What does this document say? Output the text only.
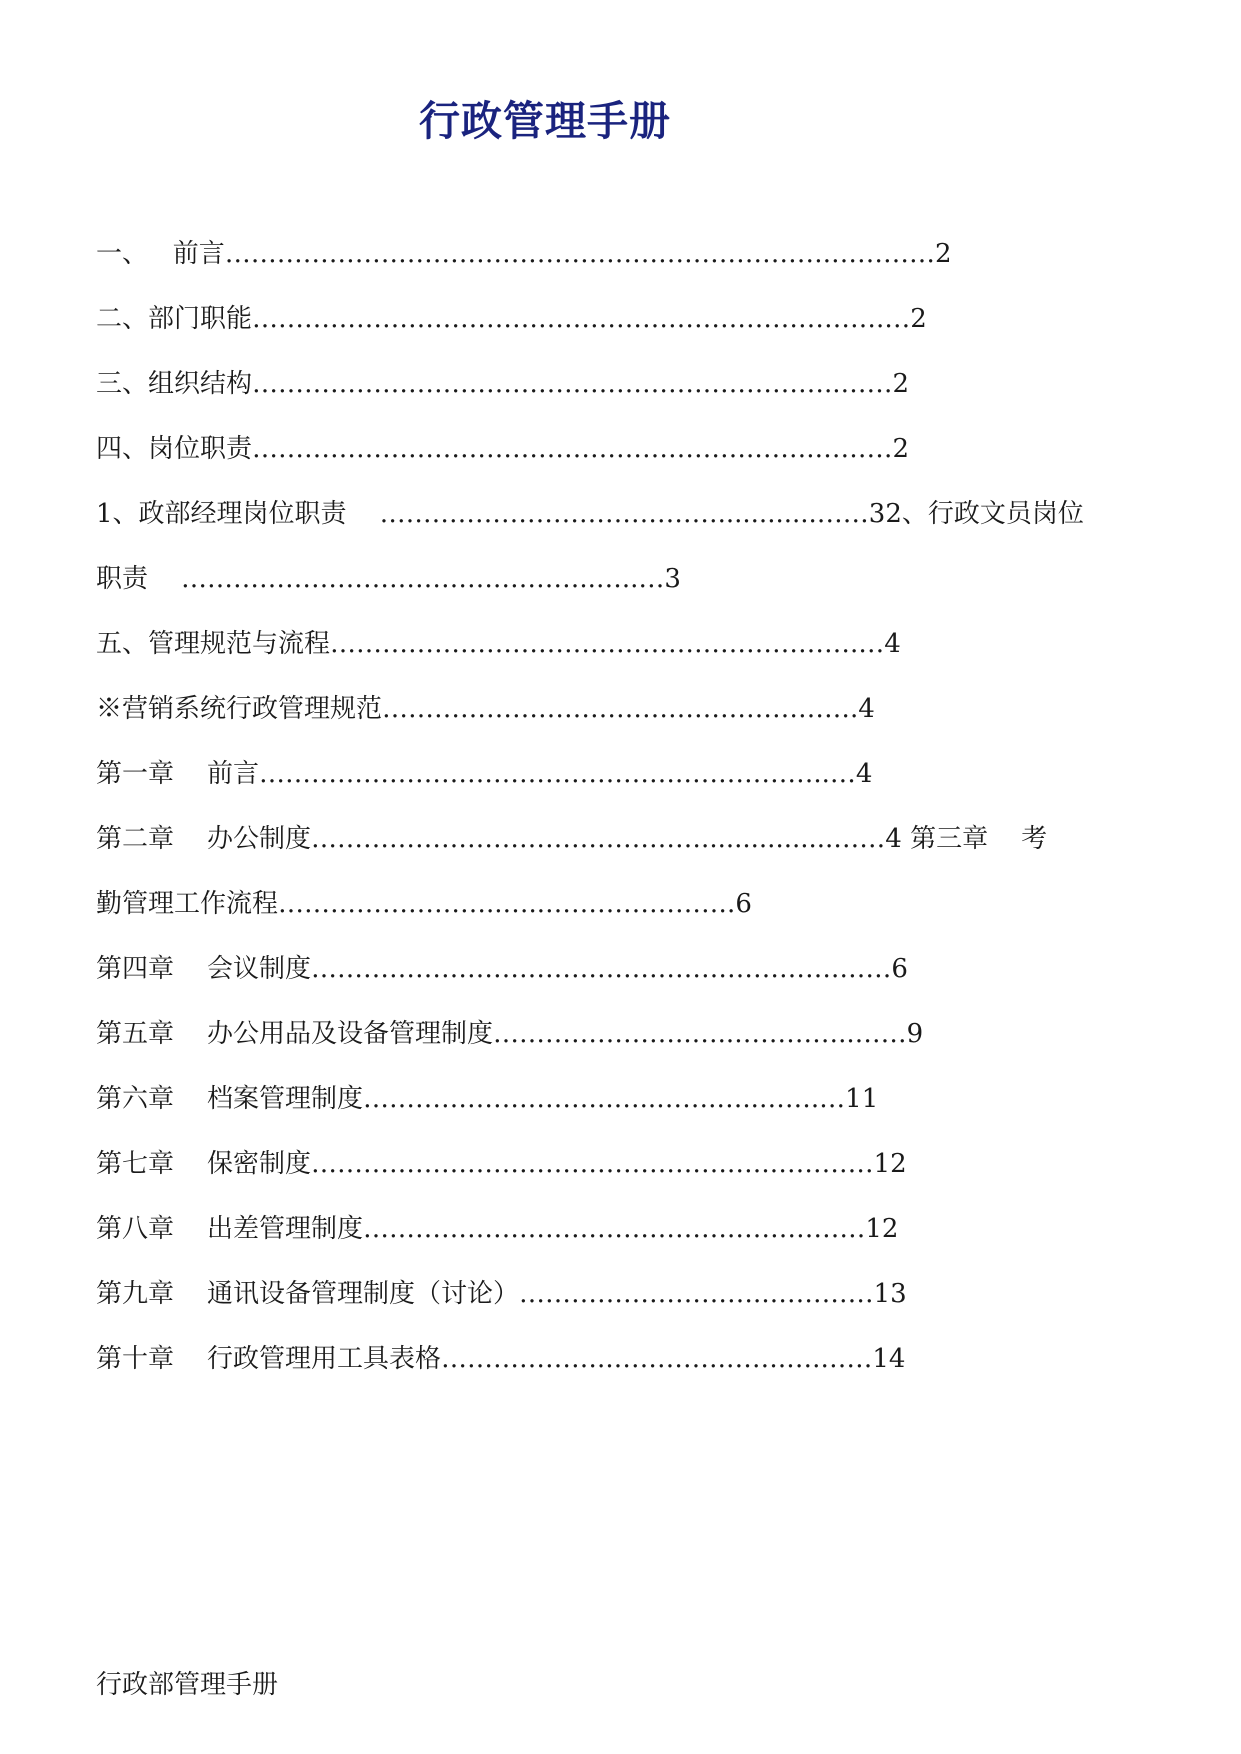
行政管理手册
一、   前言…………………………………………………………….…………2
二、部门职能……………………………………………………………….…2
三、组织结构…………………………………………………………..……2
四、岗位职责………………………………………………….…….………2
1、政部经理岗位职责    …………………………………............……32、行政文员岗位
职责    ……………………………….………..…..…3
五、管理规范与流程…………………………………………………….…4
※营销系统行政管理规范……………………………………………….4
第一章    前言………………………………………….……………..…4
第二章    办公制度………………………………………................……4 第三章    考
勤管理工作流程……………………..…..………………….6
第四章    会议制度…………………………………………………….……6
第五章    办公用品及设备管理制度…………………..…..…………..……9
第六章    档案管理制度………………………..…..…….…..…….…11
第七章    保密制度………………………………………….….…………12
第八章    出差管理制度…………………………………….……………12
第九章    通讯设备管理制度（讨论）………………………..…………13
第十章    行政管理用工具表格………………..………….…….….……14
行政部管理手册
